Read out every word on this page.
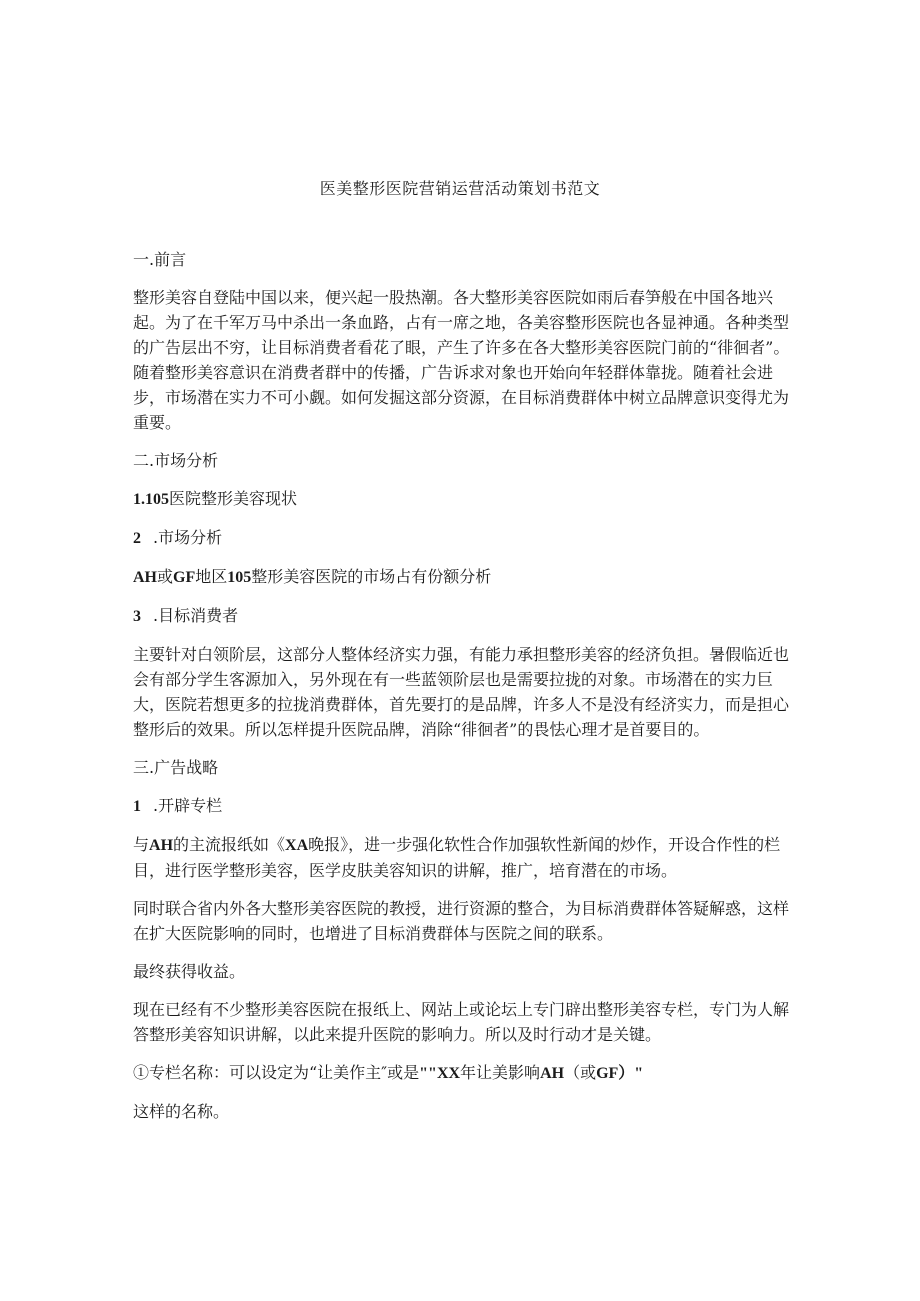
医美整形医院营销运营活动策划书范文

一.前言

整形美容自登陆中国以来，便兴起一股热潮。各大整形美容医院如雨后春笋般在中国各地兴起。为了在千军万马中杀出一条血路，占有一席之地，各美容整形医院也各显神通。各种类型的广告层出不穷，让目标消费者看花了眼，产生了许多在各大整形美容医院门前的“徘徊者”。随着整形美容意识在消费者群中的传播，广告诉求对象也开始向年轻群体靠拢。随着社会进步，市场潜在实力不可小觑。如何发掘这部分资源，在目标消费群体中树立品牌意识变得尤为重要。

二.市场分析

1.105医院整形美容现状

2 .市场分析

AH或GF地区105整形美容医院的市场占有份额分析

3 .目标消费者

主要针对白领阶层，这部分人整体经济实力强，有能力承担整形美容的经济负担。暑假临近也会有部分学生客源加入，另外现在有一些蓝领阶层也是需要拉拢的对象。市场潜在的实力巨大，医院若想更多的拉拢消费群体，首先要打的是品牌，许多人不是没有经济实力，而是担心整形后的效果。所以怎样提升医院品牌，消除“徘徊者”的畏怯心理才是首要目的。

三.广告战略

1 .开辟专栏

与AH的主流报纸如《XA晚报》，进一步强化软性合作加强软性新闻的炒作，开设合作性的栏目，进行医学整形美容，医学皮肤美容知识的讲解，推广，培育潜在的市场。

同时联合省内外各大整形美容医院的教授，进行资源的整合，为目标消费群体答疑解惑，这样在扩大医院影响的同时，也增进了目标消费群体与医院之间的联系。

最终获得收益。

现在已经有不少整形美容医院在报纸上、网站上或论坛上专门辟出整形美容专栏，专门为人解答整形美容知识讲解，以此来提升医院的影响力。所以及时行动才是关键。

①专栏名称：可以设定为“让美作主″或是""XX年让美影响AH（或GF）"

这样的名称。
